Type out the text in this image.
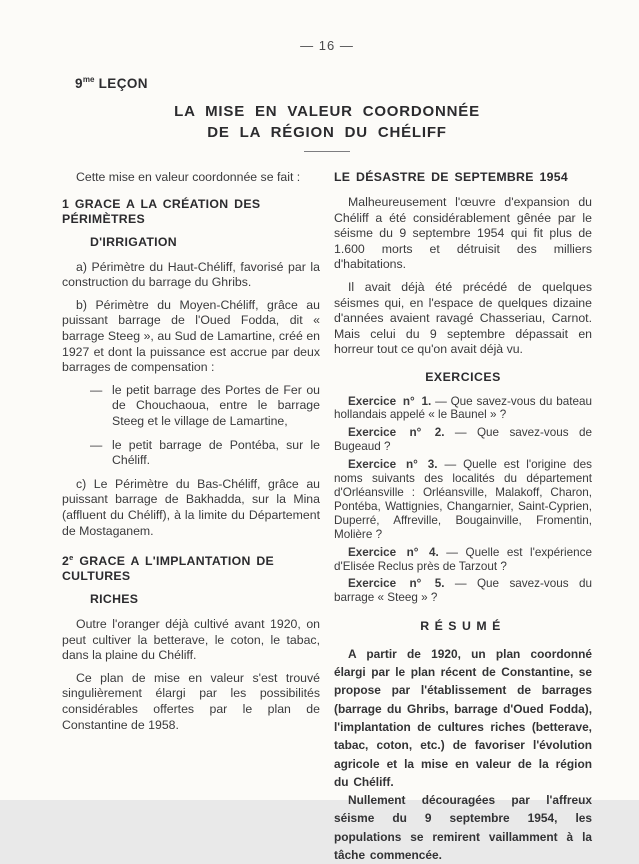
— 16 —
$9^{me}$ LEÇON
LA MISE EN VALEUR COORDONNÉE
DE LA RÉGION DU CHÉLIFF

Cette mise en valeur coordonnée se fait :

1 GRACE A LA CRÉATION DES PÉRIMÈTRES
D'IRRIGATION

a) Périmètre du Haut-Chéliff, favorisé par la construction du barrage du Ghribs.

b) Périmètre du Moyen-Chéliff, grâce au puissant barrage de l'Oued Fodda, dit « barrage Steeg », au Sud de Lamartine, créé en 1927 et dont la puissance est accrue par deux barrages de compensation :

— le petit barrage des Portes de Fer ou de Chouchaoua, entre le barrage Steeg et le village de Lamartine,
— le petit barrage de Pontéba, sur le Chéliff.

c) Le Périmètre du Bas-Chéliff, grâce au puissant barrage de Bakhadda, sur la Mina (affluent du Chéliff), à la limite du Département de Mostaganem.

2e GRACE A L'IMPLANTATION DE CULTURES
RICHES

Outre l'oranger déjà cultivé avant 1920, on peut cultiver la betterave, le coton, le tabac, dans la plaine du Chéliff.

Ce plan de mise en valeur s'est trouvé singulièrement élargi par les possibilités considérables offertes par le plan de Constantine de 1958.

LE DÉSASTRE DE SEPTEMBRE 1954

Malheureusement l'œuvre d'expansion du Chéliff a été considérablement gênée par le séisme du 9 septembre 1954 qui fit plus de 1.600 morts et détruisit des milliers d'habitations.

Il avait déjà été précédé de quelques séismes qui, en l'espace de quelques dizaine d'années avaient ravagé Chasseriau, Carnot. Mais celui du 9 septembre dépassait en horreur tout ce qu'on avait déjà vu.

EXERCICES

Exercice n° 1. — Que savez-vous du bateau hollandais appelé « le Baunel » ?

Exercice n° 2. — Que savez-vous de Bugeaud ?

Exercice n° 3. — Quelle est l'origine des noms suivants des localités du département d'Orléansville : Orléansville, Malakoff, Charon, Pontéba, Wattignies, Changarnier, Saint-Cyprien, Duperré, Affreville, Bougainville, Fromentin, Molière ?

Exercice n° 4. — Quelle est l'expérience d'Elisée Reclus près de Tarzout ?

Exercice n° 5. — Que savez-vous du barrage « Steeg » ?

RÉSUMÉ

A partir de 1920, un plan coordonné élargi par le plan récent de Constantine, se propose par l'établissement de barrages (barrage du Ghribs, barrage d'Oued Fodda), l'implantation de cultures riches (betterave, tabac, coton, etc.) de favoriser l'évolution agricole et la mise en valeur de la région du Chéliff.

Nullement découragées par l'affreux séisme du 9 septembre 1954, les populations se remirent vaillamment à la tâche commencée.
